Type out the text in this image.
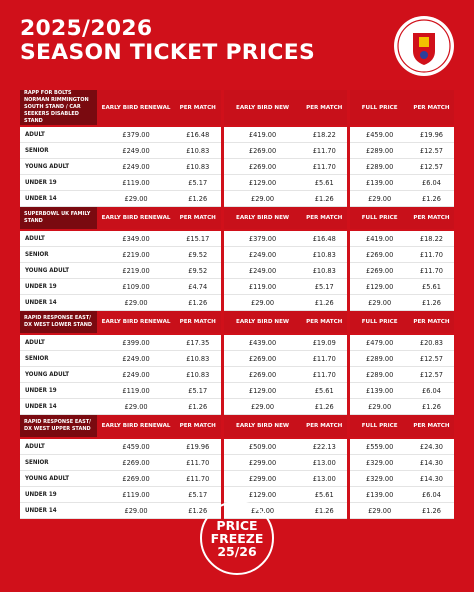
2025/2026
SEASON TICKET PRICES
RAPP FOR BOLTS NORMAN RIMMINGTON SOUTH STAND / CAR SEEKERS DISABLED STAND	EARLY BIRD RENEWAL	PER MATCH		EARLY BIRD NEW	PER MATCH		FULL PRICE	PER MATCH
ADULT	£379.00	£16.48		£419.00	£18.22		£459.00	£19.96
SENIOR	£249.00	£10.83		£269.00	£11.70		£289.00	£12.57
YOUNG ADULT	£249.00	£10.83		£269.00	£11.70		£289.00	£12.57
UNDER 19	£119.00	£5.17		£129.00	£5.61		£139.00	£6.04
UNDER 14	£29.00	£1.26		£29.00	£1.26		£29.00	£1.26
SUPERBOWL UK FAMILY STAND	EARLY BIRD RENEWAL	PER MATCH		EARLY BIRD NEW	PER MATCH		FULL PRICE	PER MATCH
ADULT	£349.00	£15.17		£379.00	£16.48		£419.00	£18.22
SENIOR	£219.00	£9.52		£249.00	£10.83		£269.00	£11.70
YOUNG ADULT	£219.00	£9.52		£249.00	£10.83		£269.00	£11.70
UNDER 19	£109.00	£4.74		£119.00	£5.17		£129.00	£5.61
UNDER 14	£29.00	£1.26		£29.00	£1.26		£29.00	£1.26
RAPID RESPONSE EAST/ DX WEST LOWER STAND	EARLY BIRD RENEWAL	PER MATCH		EARLY BIRD NEW	PER MATCH		FULL PRICE	PER MATCH
ADULT	£399.00	£17.35		£439.00	£19.09		£479.00	£20.83
SENIOR	£249.00	£10.83		£269.00	£11.70		£289.00	£12.57
YOUNG ADULT	£249.00	£10.83		£269.00	£11.70		£289.00	£12.57
UNDER 19	£119.00	£5.17		£129.00	£5.61		£139.00	£6.04
UNDER 14	£29.00	£1.26		£29.00	£1.26		£29.00	£1.26
RAPID RESPONSE EAST/ DX WEST UPPER STAND	EARLY BIRD RENEWAL	PER MATCH		EARLY BIRD NEW	PER MATCH		FULL PRICE	PER MATCH
ADULT	£459.00	£19.96		£509.00	£22.13		£559.00	£24.30
SENIOR	£269.00	£11.70		£299.00	£13.00		£329.00	£14.30
YOUNG ADULT	£269.00	£11.70		£299.00	£13.00		£329.00	£14.30
UNDER 19	£119.00	£5.17		£129.00	£5.61		£139.00	£6.04
UNDER 14	£29.00	£1.26		£29.00	£1.26		£29.00	£1.26
PRICE
FREEZE
25/26
